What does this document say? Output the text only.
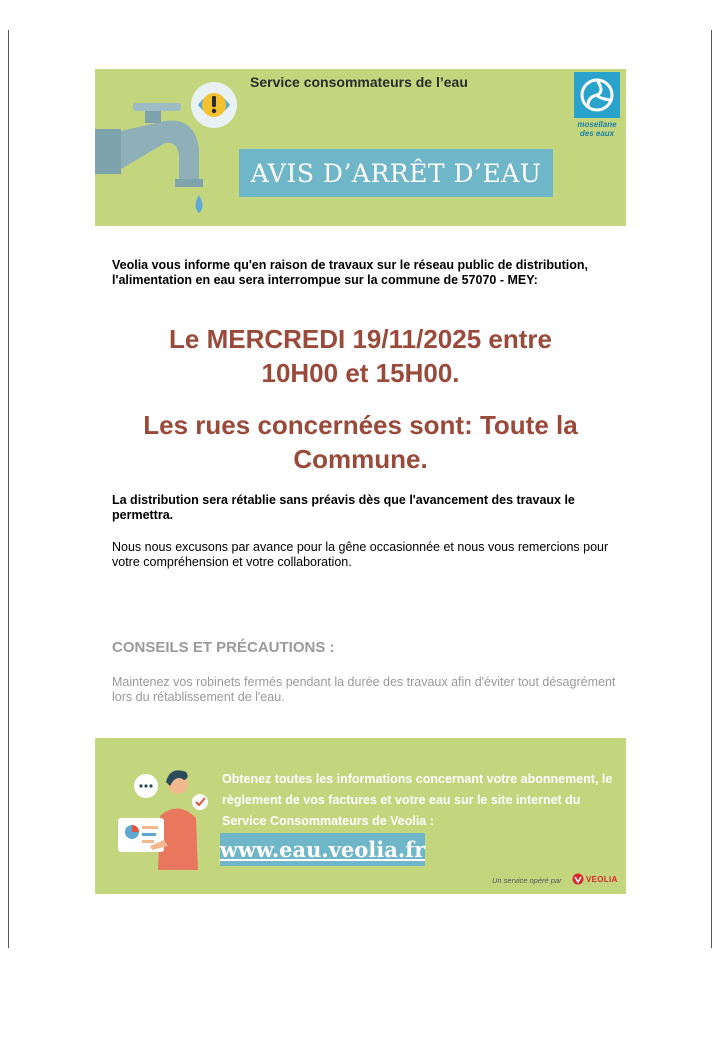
Service consommateurs de l’eau
AVIS D’ARRÊT D’EAU
mosellane
des eaux
Veolia vous informe qu'en raison de travaux sur le réseau public de distribution, l'alimentation en eau sera interrompue sur la commune de 57070 - MEY:
Le MERCREDI 19/11/2025 entre
10H00 et 15H00.
Les rues concernées sont: Toute la
Commune.
La distribution sera rétablie sans préavis dès que l'avancement des travaux le permettra.
Nous nous excusons par avance pour la gêne occasionnée et nous vous remercions pour votre compréhension et votre collaboration.
CONSEILS ET PRÉCAUTIONS :
Maintenez vos robinets fermés pendant la durée des travaux afin d'éviter tout désagrément lors du rétablissement de l'eau.
Obtenez toutes les informations concernant votre abonnement, le règlement de vos factures et votre eau sur le site internet du Service Consommateurs de Veolia :
www.eau.veolia.fr
Un service opéré par	VEOLIA
